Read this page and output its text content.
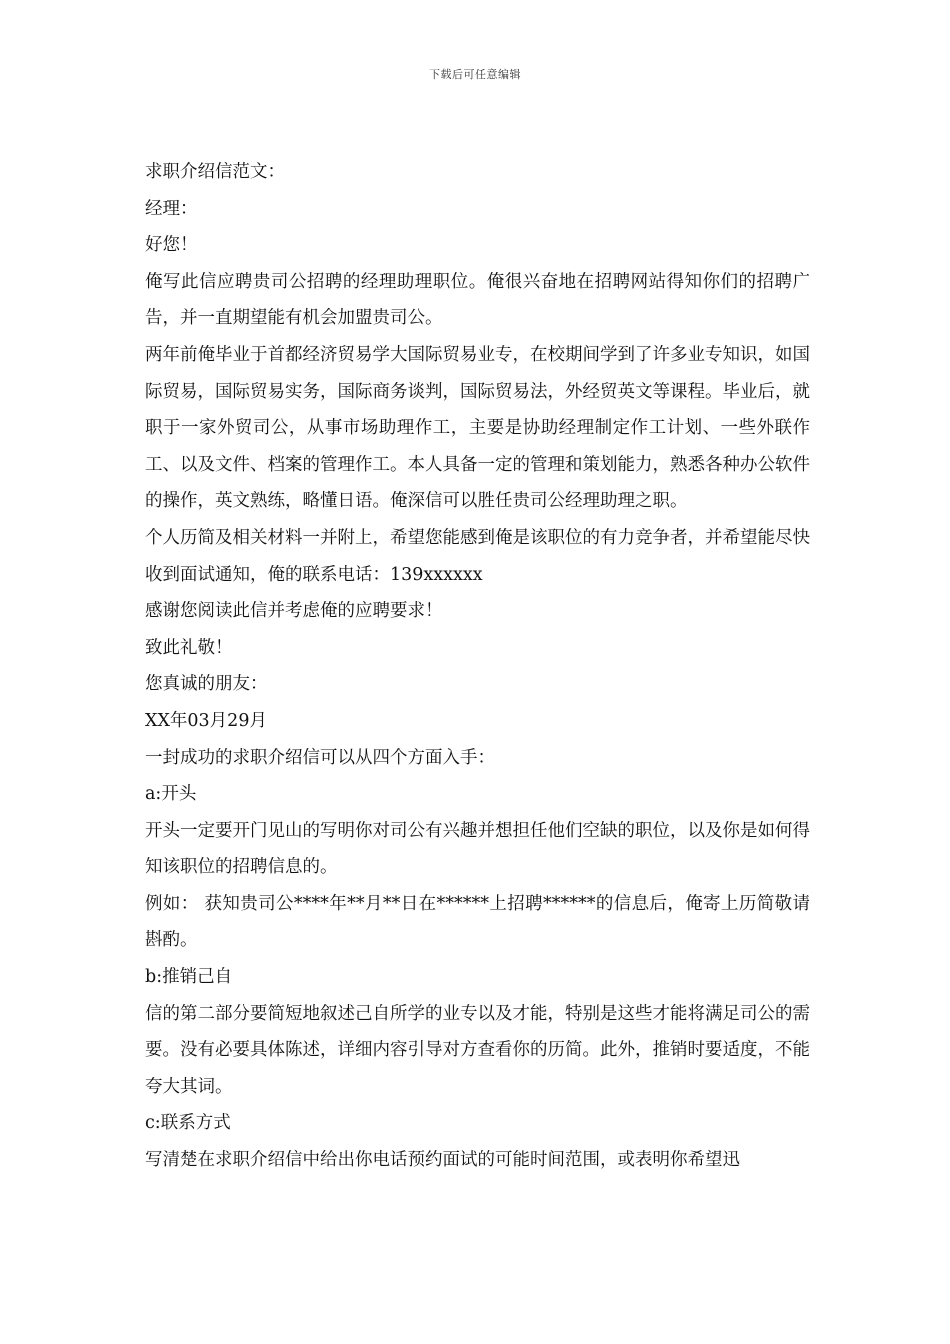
下载后可任意编辑

求职介绍信范文：

经理：

好您！

俺写此信应聘贵司公招聘的经理助理职位。俺很兴奋地在招聘网站得知你们的招聘广告，并一直期望能有机会加盟贵司公。

两年前俺毕业于首都经济贸易学大国际贸易业专，在校期间学到了许多业专知识，如国际贸易，国际贸易实务，国际商务谈判，国际贸易法，外经贸英文等课程。毕业后，就职于一家外贸司公，从事市场助理作工，主要是协助经理制定作工计划、一些外联作工、以及文件、档案的管理作工。本人具备一定的管理和策划能力，熟悉各种办公软件的操作，英文熟练，略懂日语。俺深信可以胜任贵司公经理助理之职。

个人历简及相关材料一并附上，希望您能感到俺是该职位的有力竞争者，并希望能尽快收到面试通知，俺的联系电话：139xxxxxx

感谢您阅读此信并考虑俺的应聘要求！

致此礼敬！

您真诚的朋友：

XX年03月29月

一封成功的求职介绍信可以从四个方面入手：

a:开头

开头一定要开门见山的写明你对司公有兴趣并想担任他们空缺的职位，以及你是如何得知该职位的招聘信息的。

例如： 获知贵司公****年**月**日在******上招聘******的信息后，俺寄上历简敬请斟酌。

b:推销己自

信的第二部分要简短地叙述己自所学的业专以及才能，特别是这些才能将满足司公的需要。没有必要具体陈述，详细内容引导对方查看你的历简。此外，推销时要适度，不能夸大其词。

c:联系方式

写清楚在求职介绍信中给出你电话预约面试的可能时间范围，或表明你希望迅
